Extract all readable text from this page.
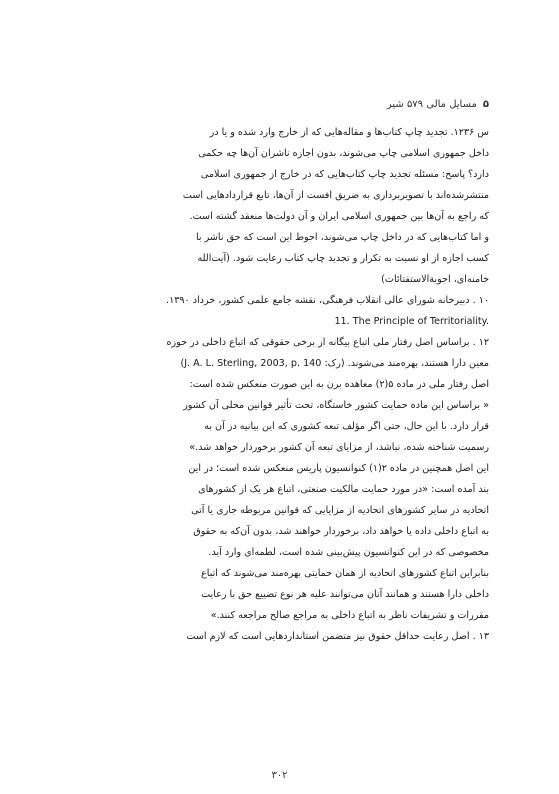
۵
مسایل مالی ۵۷۹ شیر
س ۱۲۳۶. تجدید چاپ کتاب‌ها و مقاله‌هایی که از خارج وارد شده و یا در
داخل جمهوری اسلامی چاپ می‌شوند، بدون اجازه ناشران آن‌ها چه حکمی
دارد؟ پاسخ: مسئله تجدید چاپ کتاب‌هایی که در خارج از جمهوری اسلامی
منتشرشده‌اند با تصویربرداری به ضریق افست از آن‌ها، تابع قراردادهایی است
که راجع به آن‌ها بین جمهوری اسلامی ایران و آن دولت‌ها منعقد گشته است.
و اما کتاب‌هایی که در داخل چاپ می‌شوند، احوط این است که حق ناشر با
کسب اجازه از او نسبت به تکرار و تجدید چاپ کتاب رعایت شود. (آیت‌الله
خامنه‌ای، اجوبة‌الاستفتائات)
۱۰ . دبیرخانه شورای عالی انقلاب فرهنگی، نقشه جامع علمی کشور، خرداد ۱۳۹۰.
11. The Principle of Territoriality.
۱۲ . براساس اصل رفتار ملی اتباع بیگانه از برخی حقوقی که اتباع داخلی در حوزه
معین دارا هستند، بهره‌مند می‌شوند. (رک: J. A. L. Sterling, 2003, p. 140)
اصل رفتار ملی در ماده ۵(۲) معاهده برن به این صورت منعکس شده است:
« براساس این ماده حمایت کشور خاستگاه، تحت تأثیر قوانین محلی آن کشور
قرار دارد. با این حال، حتی اگر مؤلف تبعه کشوری که این بیانیه در آن به
رسمیت شناخته شده، نباشد، از مزایای تبعه آن کشور برخوردار خواهد شد.»
این اصل همچنین در ماده ۲(۱) کنوانسیون پاریس منعکس شده است؛ در این
بند آمده است: «در مورد حمایت مالکیت صنعتی، اتباع هر یک از کشورهای
اتحادیه در سایر کشورهای اتحادیه از مزایایی که قوانین مربوطه جاری یا آتی
به اتباع داخلی داده یا خواهد داد، برخوردار خواهند شد، بدون آن‌که به حقوق
مخصوصی که در این کنوانسیون پیش‌بینی شده است، لطمه‌ای وارد آید.
بنابراین اتباع کشورهای اتحادیه از همان حمایتی بهره‌مند می‌شوند که اتباع
داخلی دارا هستند و همانند آنان می‌توانند علیه هر نوع تضییع حق با رعایت
مقررات و تشریفات ناظر به اتباع داخلی به مراجع صالح مراجعه کنند.»
۱۳ . اصل رعایت حداقل حقوق نیز متضمن استانداردهایی است که لازم است
۳۰۲
